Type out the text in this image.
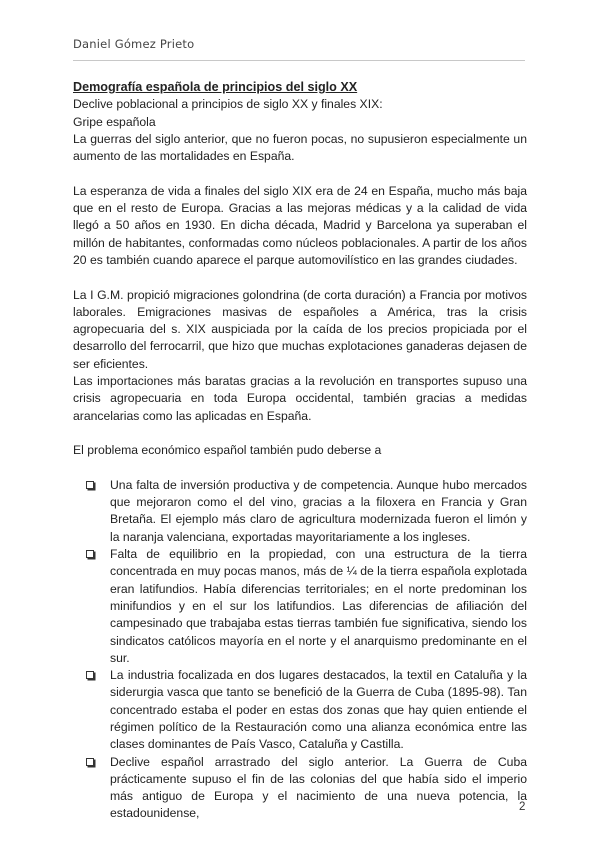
Daniel Gómez Prieto

Demografía española de principios del siglo XX

Declive poblacional a principios de siglo XX y finales XIX:

Gripe española

La guerras del siglo anterior, que no fueron pocas, no supusieron especialmente un aumento de las mortalidades en España.

La esperanza de vida a finales del siglo XIX era de 24 en España, mucho más baja que en el resto de Europa. Gracias a las mejoras médicas y a la calidad de vida llegó a 50 años en 1930. En dicha década, Madrid y Barcelona ya superaban el millón de habitantes, conformadas como núcleos poblacionales. A partir de los años 20 es también cuando aparece el parque automovilístico en las grandes ciudades.

La I G.M. propició migraciones golondrina (de corta duración) a Francia por motivos laborales. Emigraciones masivas de españoles a América, tras la crisis agropecuaria del s. XIX auspiciada por la caída de los precios propiciada por el desarrollo del ferrocarril, que hizo que muchas explotaciones ganaderas dejasen de ser eficientes.

Las importaciones más baratas gracias a la revolución en transportes supuso una crisis agropecuaria en toda Europa occidental, también gracias a medidas arancelarias como las aplicadas en España.

El problema económico español también pudo deberse a

Una falta de inversión productiva y de competencia. Aunque hubo mercados que mejoraron como el del vino, gracias a la filoxera en Francia y Gran Bretaña. El ejemplo más claro de agricultura modernizada fueron el limón y la naranja valenciana, exportadas mayoritariamente a los ingleses.
Falta de equilibrio en la propiedad, con una estructura de la tierra concentrada en muy pocas manos, más de ¼ de la tierra española explotada eran latifundios. Había diferencias territoriales; en el norte predominan los minifundios y en el sur los latifundios. Las diferencias de afiliación del campesinado que trabajaba estas tierras también fue significativa, siendo los sindicatos católicos mayoría en el norte y el anarquismo predominante en el sur.
La industria focalizada en dos lugares destacados, la textil en Cataluña y la siderurgia vasca que tanto se benefició de la Guerra de Cuba (1895-98). Tan concentrado estaba el poder en estas dos zonas que hay quien entiende el régimen político de la Restauración como una alianza económica entre las clases dominantes de País Vasco, Cataluña y Castilla.
Declive español arrastrado del siglo anterior. La Guerra de Cuba prácticamente supuso el fin de las colonias del que había sido el imperio más antiguo de Europa y el nacimiento de una nueva potencia, la estadounidense,	2
